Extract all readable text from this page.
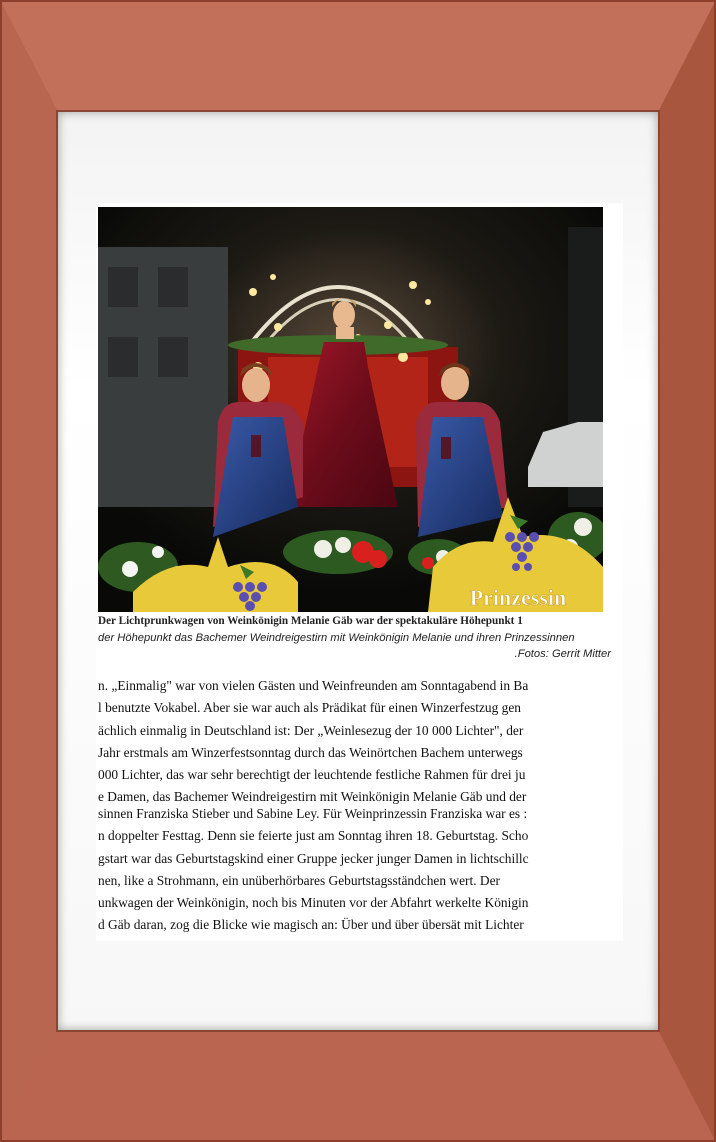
Prinzessin
Der Lichtprunkwagen von Weinkönigin Melanie Gäb war der spektakuläre Höhepunkt 1
der Höhepunkt das Bachemer Weindreigestirn mit Weinkönigin Melanie und ihren Prinzessinnen
.Fotos: Gerrit Mitter
n. „Einmalig" war von vielen Gästen und Weinfreunden am Sonntagabend in Ba
l benutzte Vokabel. Aber sie war auch als Prädikat für einen Winzerfestzug gen
ächlich einmalig in Deutschland ist: Der „Weinlesezug der 10 000 Lichter", der
Jahr erstmals am Winzerfestsonntag durch das Weinörtchen Bachem unterwegs
000 Lichter, das war sehr berechtigt der leuchtende festliche Rahmen für drei ju
e Damen, das Bachemer Weindreigestirn mit Weinkönigin Melanie Gäb und der
sinnen Franziska Stieber und Sabine Ley. Für Weinprinzessin Franziska war es :
n doppelter Festtag. Denn sie feierte just am Sonntag ihren 18. Geburtstag. Scho
gstart war das Geburtstagskind einer Gruppe jecker junger Damen in lichtschillc
nen, like a Strohmann, ein unüberhörbares Geburtstagsständchen wert. Der
unkwagen der Weinkönigin, noch bis Minuten vor der Abfahrt werkelte Königin
d Gäb daran, zog die Blicke wie magisch an: Über und über übersät mit Lichter
